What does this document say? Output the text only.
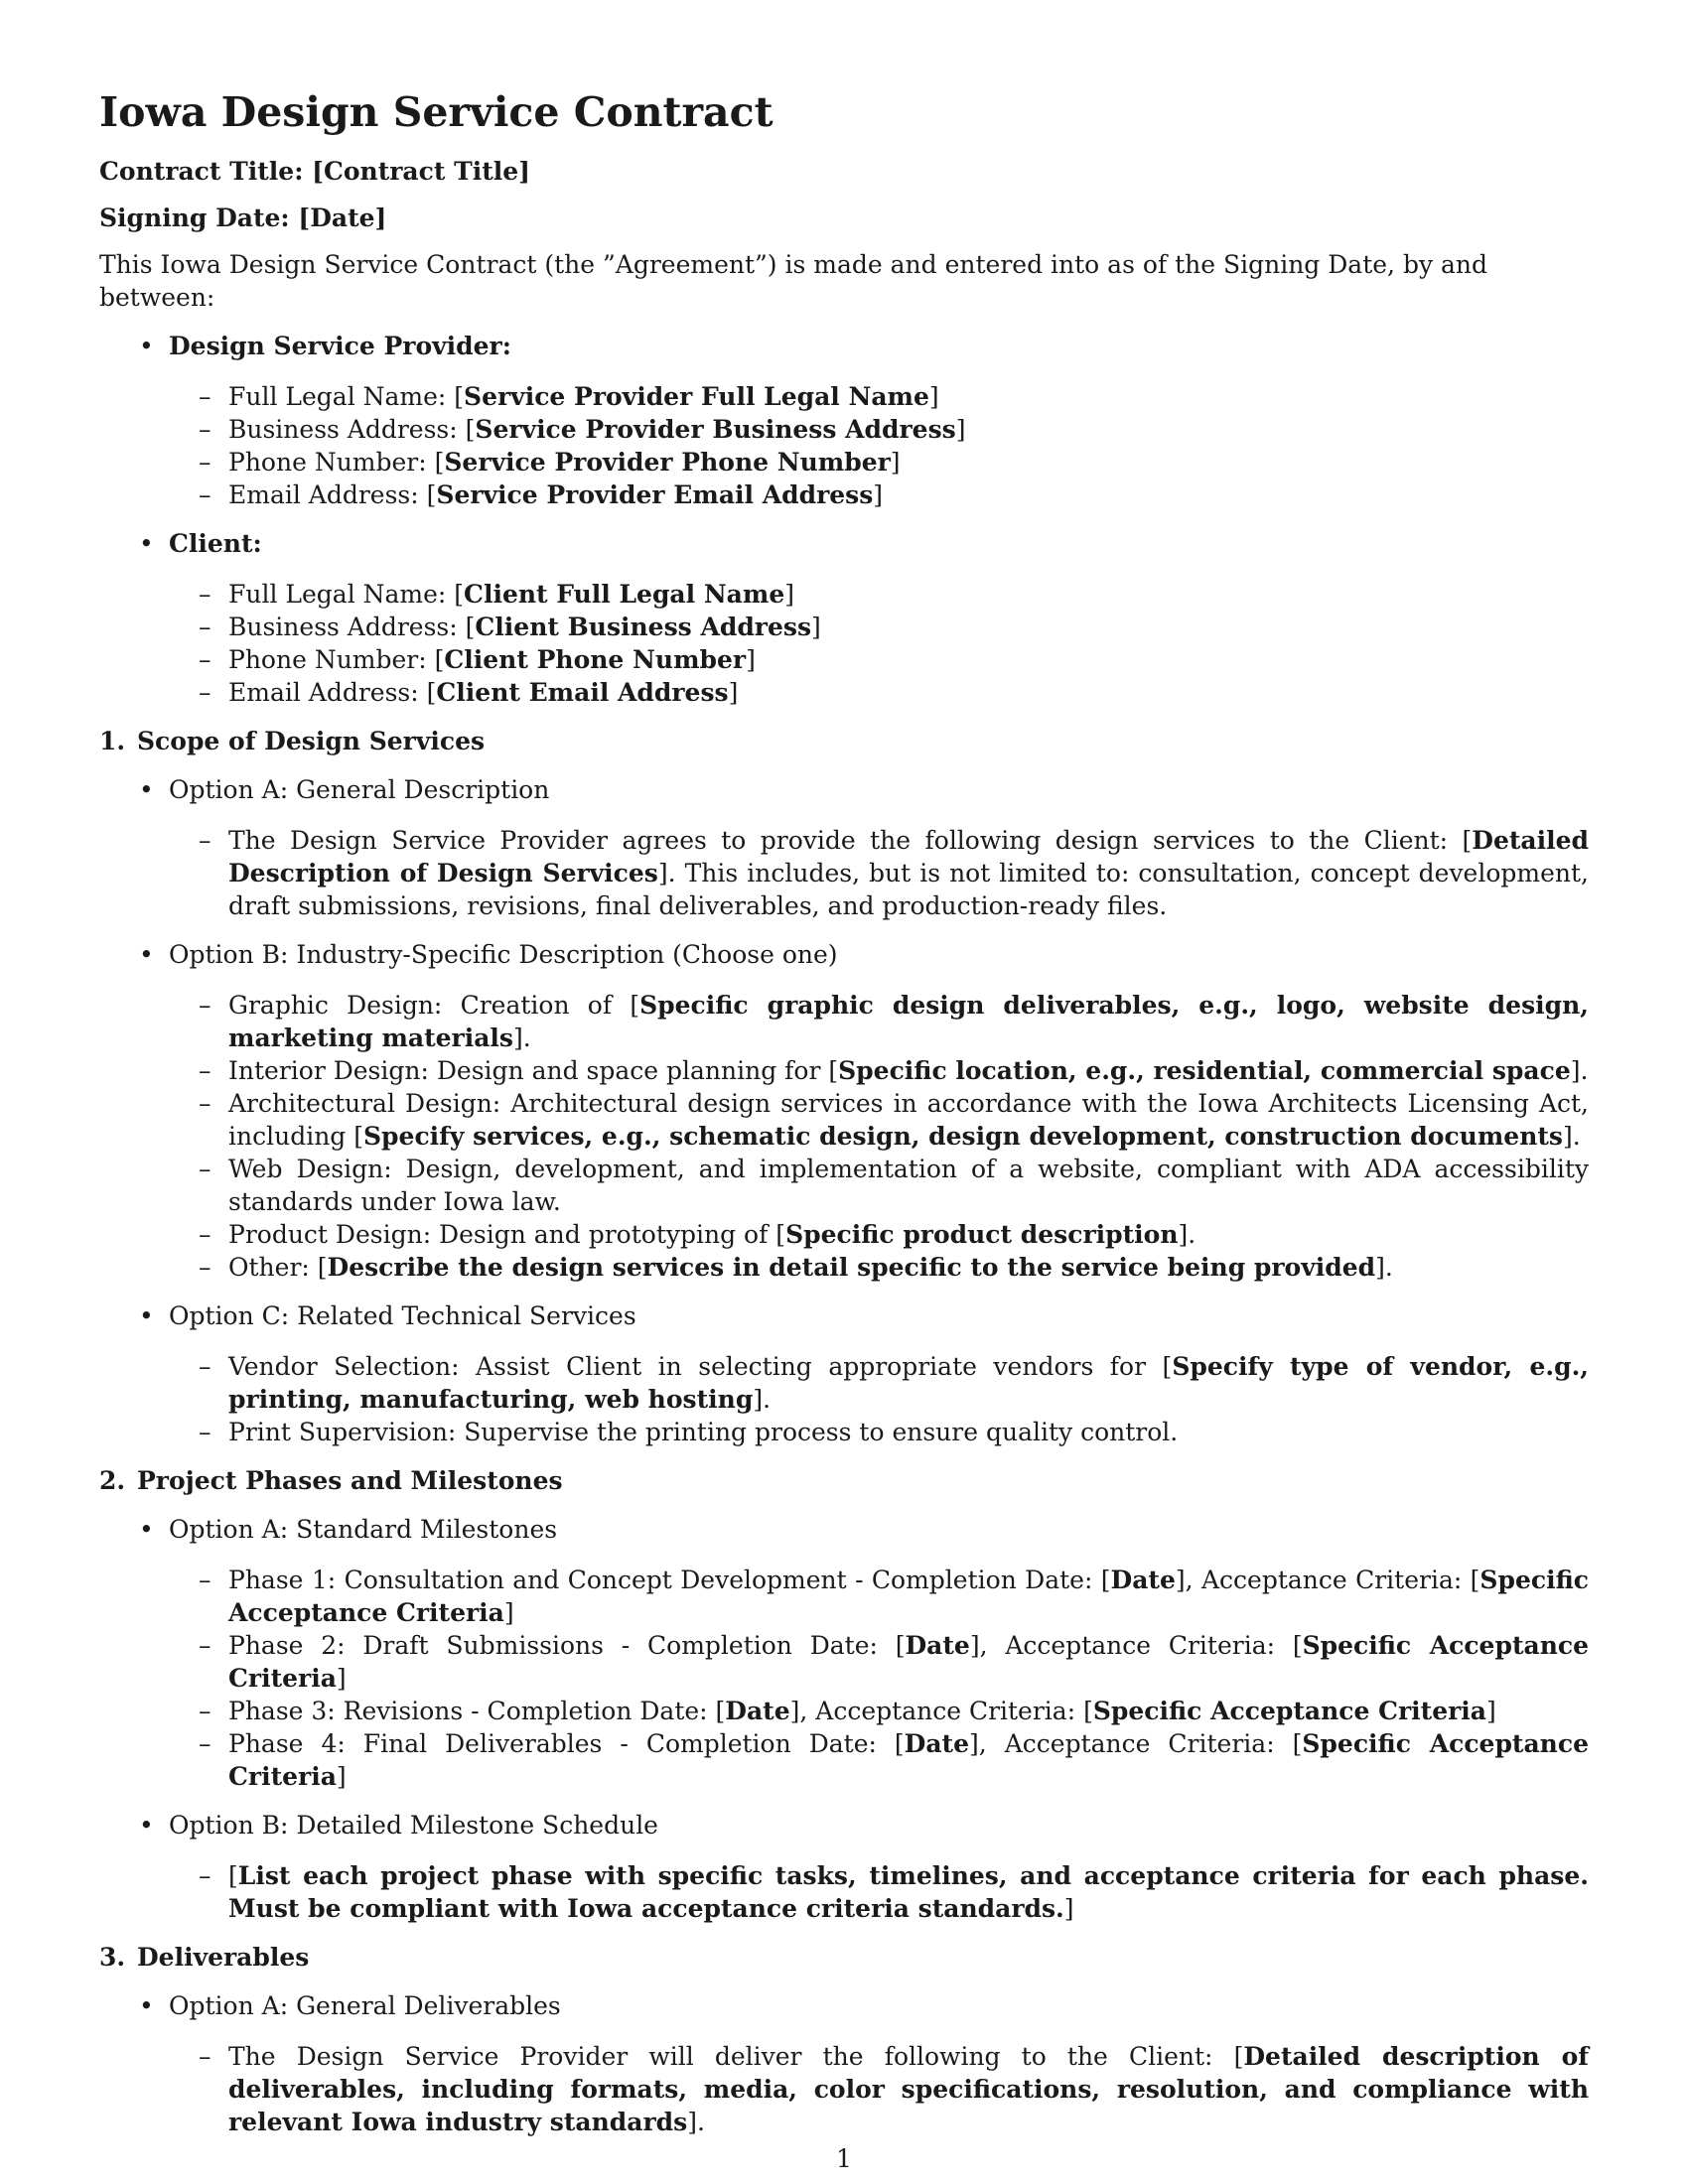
Iowa Design Service Contract

Contract Title: [Contract Title]

Signing Date: [Date]

This Iowa Design Service Contract (the ”Agreement”) is made and entered into as of the Signing Date, by and between:

• Design Service Provider:
– Full Legal Name: [Service Provider Full Legal Name]
– Business Address: [Service Provider Business Address]
– Phone Number: [Service Provider Phone Number]
– Email Address: [Service Provider Email Address]
• Client:
– Full Legal Name: [Client Full Legal Name]
– Business Address: [Client Business Address]
– Phone Number: [Client Phone Number]
– Email Address: [Client Email Address]
1. Scope of Design Services
• Option A: General Description
– The Design Service Provider agrees to provide the following design services to the Client: [Detailed Description of Design Services]. This includes, but is not limited to: consultation, concept development, draft submissions, revisions, final deliverables, and production-ready files.
• Option B: Industry-Specific Description (Choose one)
– Graphic Design: Creation of [Specific graphic design deliverables, e.g., logo, website design, marketing materials].
– Interior Design: Design and space planning for [Specific location, e.g., residential, commercial space].
– Architectural Design: Architectural design services in accordance with the Iowa Architects Licensing Act, including [Specify services, e.g., schematic design, design development, construction documents].
– Web Design: Design, development, and implementation of a website, compliant with ADA accessibility standards under Iowa law.
– Product Design: Design and prototyping of [Specific product description].
– Other: [Describe the design services in detail specific to the service being provided].
• Option C: Related Technical Services
– Vendor Selection: Assist Client in selecting appropriate vendors for [Specify type of vendor, e.g., printing, manufacturing, web hosting].
– Print Supervision: Supervise the printing process to ensure quality control.
2. Project Phases and Milestones
• Option A: Standard Milestones
– Phase 1: Consultation and Concept Development - Completion Date: [Date], Acceptance Criteria: [Specific Acceptance Criteria]
– Phase 2: Draft Submissions - Completion Date: [Date], Acceptance Criteria: [Specific Acceptance Criteria]
– Phase 3: Revisions - Completion Date: [Date], Acceptance Criteria: [Specific Acceptance Criteria]
– Phase 4: Final Deliverables - Completion Date: [Date], Acceptance Criteria: [Specific Acceptance Criteria]
• Option B: Detailed Milestone Schedule
– [List each project phase with specific tasks, timelines, and acceptance criteria for each phase. Must be compliant with Iowa acceptance criteria standards.]
3. Deliverables
• Option A: General Deliverables
– The Design Service Provider will deliver the following to the Client: [Detailed description of deliverables, including formats, media, color specifications, resolution, and compliance with relevant Iowa industry standards].
1
